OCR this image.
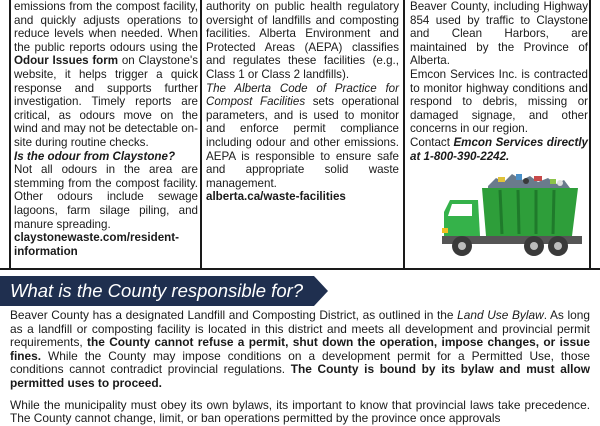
emissions from the compost facility, and quickly adjusts operations to reduce levels when needed. When the public reports odours using the Odour Issues form on Claystone's website, it helps trigger a quick response and supports further investigation. Timely reports are critical, as odours move on the wind and may not be detectable on-site during routine checks.

Is the odour from Claystone?

Not all odours in the area are stemming from the compost facility. Other odours include sewage lagoons, farm silage piling, and manure spreading.

claystonewaste.com/resident-information

authority on public health regulatory oversight of landfills and composting facilities. Alberta Environment and Protected Areas (AEPA) classifies and regulates these facilities (e.g., Class 1 or Class 2 landfills).

The Alberta Code of Practice for Compost Facilities sets operational parameters, and is used to monitor and enforce permit compliance including odour and other emissions. AEPA is responsible to ensure safe and appropriate solid waste management.

alberta.ca/waste-facilities

Beaver County, including Highway 854 used by traffic to Claystone and Clean Harbors, are maintained by the Province of Alberta.

Emcon Services Inc. is contracted to monitor highway conditions and respond to debris, missing or damaged signage, and other concerns in our region.

Contact Emcon Services directly at 1-800-390-2242.

What is the County responsible for?

Beaver County has a designated Landfill and Composting District, as outlined in the Land Use Bylaw. As long as a landfill or composting facility is located in this district and meets all development and provincial permit requirements, the County cannot refuse a permit, shut down the operation, impose changes, or issue fines. While the County may impose conditions on a development permit for a Permitted Use, those conditions cannot contradict provincial regulations. The County is bound by its bylaw and must allow permitted uses to proceed.

While the municipality must obey its own bylaws, its important to know that provincial laws take precedence. The County cannot change, limit, or ban operations permitted by the province once approvals
